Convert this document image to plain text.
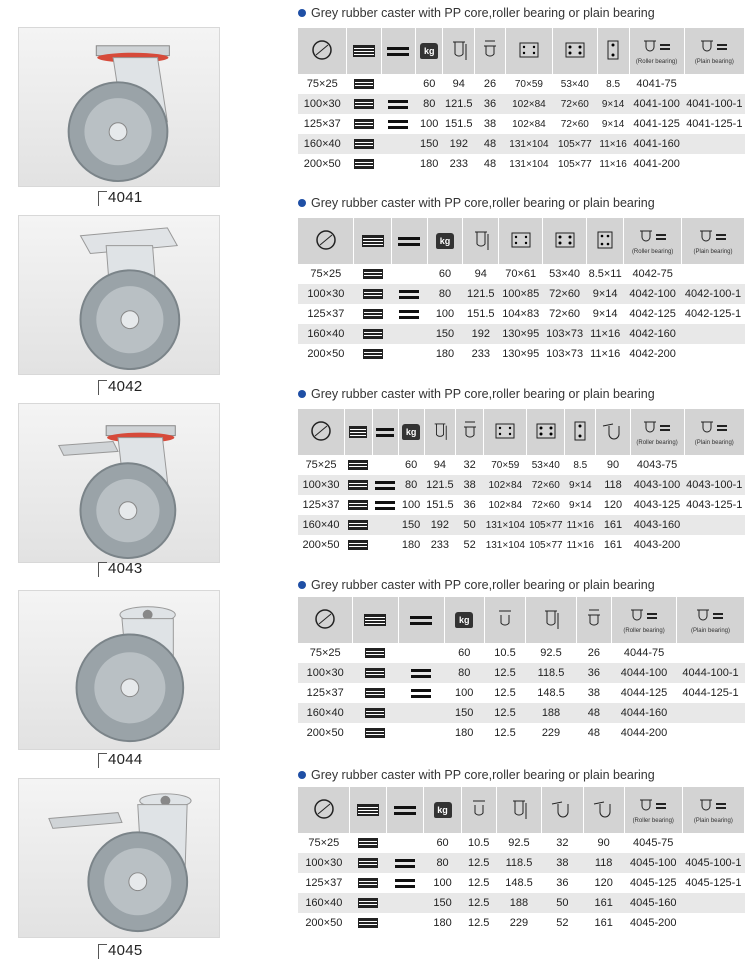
4041
4042
4043
4044
4045
Grey rubber caster with PP core,roller bearing or plain bearing
			kg						(Roller bearing)	(Plain bearing)

75×25			60	94	26	70×59	53×40	8.5	4041-75	
100×30			80	121.5	36	102×84	72×60	9×14	4041-100	4041-100-1
125×37			100	151.5	38	102×84	72×60	9×14	4041-125	4041-125-1
160×40			150	192	48	131×104	105×77	11×16	4041-160	
200×50			180	233	48	131×104	105×77	11×16	4041-200	
Grey rubber caster with PP core,roller bearing or plain bearing
			kg					(Roller bearing)	(Plain bearing)

75×25			60	94	70×61	53×40	8.5×11	4042-75	
100×30			80	121.5	100×85	72×60	9×14	4042-100	4042-100-1
125×37			100	151.5	104×83	72×60	9×14	4042-125	4042-125-1
160×40			150	192	130×95	103×73	11×16	4042-160	
200×50			180	233	130×95	103×73	11×16	4042-200	
Grey rubber caster with PP core,roller bearing or plain bearing
			kg							(Roller bearing)	(Plain bearing)

75×25			60	94	32	70×59	53×40	8.5	90	4043-75	
100×30			80	121.5	38	102×84	72×60	9×14	118	4043-100	4043-100-1
125×37			100	151.5	36	102×84	72×60	9×14	120	4043-125	4043-125-1
160×40			150	192	50	131×104	105×77	11×16	161	4043-160	
200×50			180	233	52	131×104	105×77	11×16	161	4043-200	
Grey rubber caster with PP core,roller bearing or plain bearing
			kg				(Roller bearing)	(Plain bearing)

75×25			60	10.5	92.5	26	4044-75	
100×30			80	12.5	118.5	36	4044-100	4044-100-1
125×37			100	12.5	148.5	38	4044-125	4044-125-1
160×40			150	12.5	188	48	4044-160	
200×50			180	12.5	229	48	4044-200	
Grey rubber caster with PP core,roller bearing or plain bearing
			kg					(Roller bearing)	(Plain bearing)

75×25			60	10.5	92.5	32	90	4045-75	
100×30			80	12.5	118.5	38	118	4045-100	4045-100-1
125×37			100	12.5	148.5	36	120	4045-125	4045-125-1
160×40			150	12.5	188	50	161	4045-160	
200×50			180	12.5	229	52	161	4045-200	
